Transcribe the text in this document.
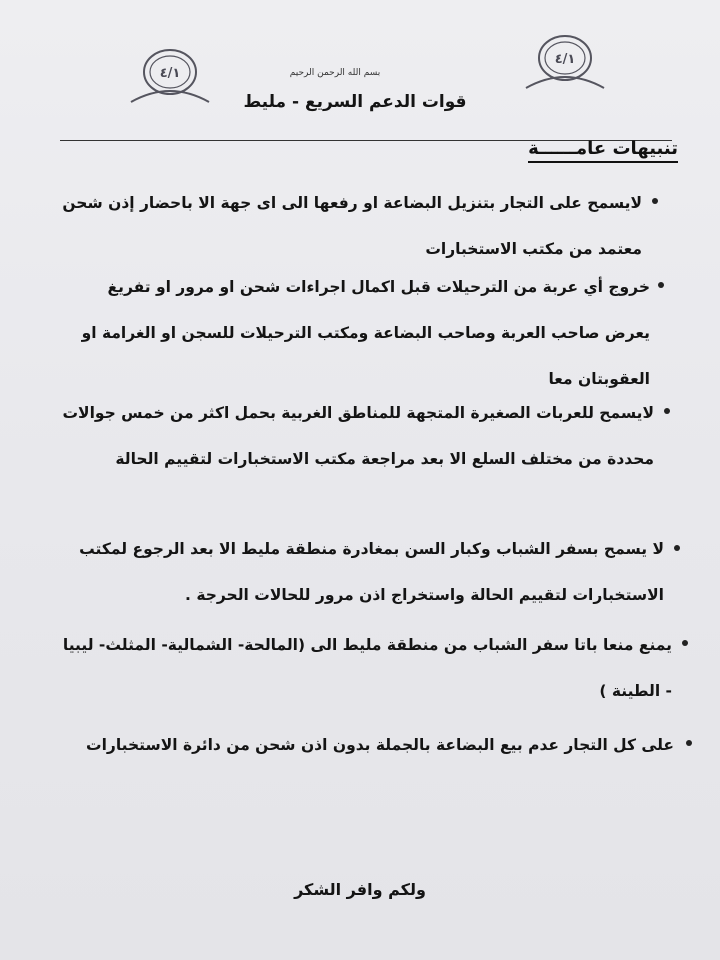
٤/١
٤/١
بسم الله الرحمن الرحيم
قوات الدعم السريع - مليط
تنبيهات عامــــــة
لايسمح على التجار بتنزيل البضاعة او رفعها الى اى جهة الا باحضار إذن شحن معتمد من مكتب الاستخبارات
خروج أي عربة من الترحيلات قبل اكمال اجراءات شحن او مرور او تفريغ يعرض صاحب العربة وصاحب البضاعة ومكتب الترحيلات للسجن او الغرامة او العقوبتان معا
لايسمح للعربات الصغيرة المتجهة للمناطق الغربية بحمل اكثر من خمس جوالات محددة من مختلف السلع الا بعد مراجعة مكتب الاستخبارات لتقييم الحالة
لا يسمح بسفر الشباب وكبار السن بمغادرة منطقة مليط الا بعد الرجوع لمكتب الاستخبارات لتقييم الحالة واستخراج اذن مرور للحالات الحرجة .
يمنع منعا باتا سفر الشباب من منطقة مليط الى (المالحة- الشمالية- المثلث- ليبيا - الطينة )
على كل التجار عدم بيع البضاعة بالجملة بدون اذن شحن من دائرة الاستخبارات
ولكم وافر الشكر
